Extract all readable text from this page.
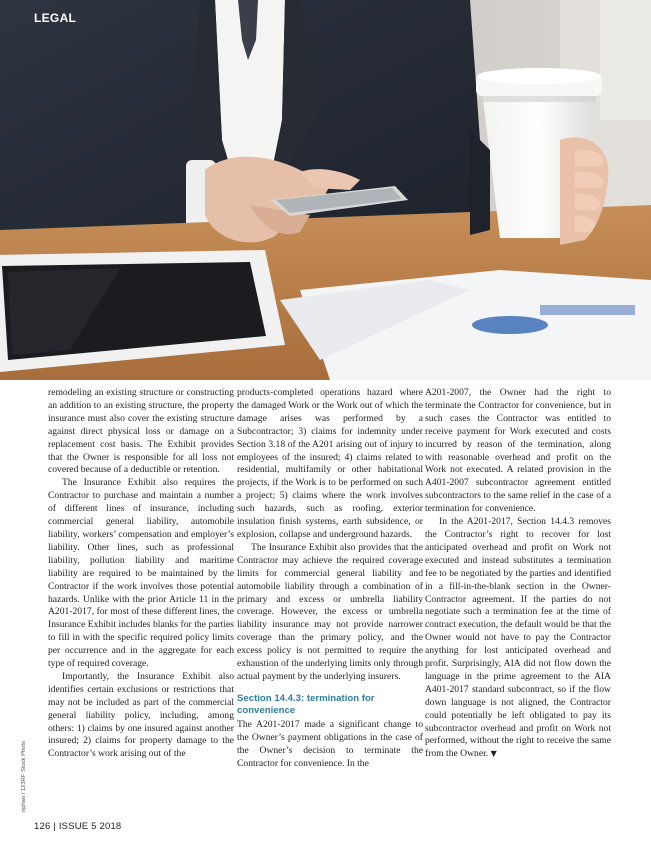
LEGAL

remodeling an existing structure or constructing an addition to an existing structure, the property insurance must also cover the existing structure against direct physical loss or damage on a replacement cost basis. The Exhibit provides that the Owner is responsible for all loss not covered because of a deductible or retention.

The Insurance Exhibit also requires the Contractor to purchase and maintain a number of different lines of insurance, including commercial general liability, automobile liability, workers’ compensation and employer’s liability. Other lines, such as professional liability, pollution liability and maritime liability are required to be maintained by the Contractor if the work involves those potential hazards. Unlike with the prior Article 11 in the A201-2017, for most of these different lines, the Insurance Exhibit includes blanks for the parties to fill in with the specific required policy limits per occurrence and in the aggregate for each type of required coverage.

Importantly, the Insurance Exhibit also identifies certain exclusions or restrictions that may not be included as part of the commercial general liability policy, including, among others: 1) claims by one insured against another insured; 2) claims for property damage to the Contractor’s work arising out of the

products-completed operations hazard where the damaged Work or the Work out of which the damage arises was performed by a Subcontractor; 3) claims for indemnity under Section 3.18 of the A201 arising out of injury to employees of the insured; 4) claims related to residential, multifamily or other habitational projects, if the Work is to be performed on such a project; 5) claims where the work involves such hazards, such as roofing, exterior insulation finish systems, earth subsidence, or explosion, collapse and underground hazards.

The Insurance Exhibit also provides that the Contractor may achieve the required coverage limits for commercial general liability and automobile liability through a combination of primary and excess or umbrella liability coverage. However, the excess or umbrella liability insurance may not provide narrower coverage than the primary policy, and the excess policy is not permitted to require the exhaustion of the underlying limits only through actual payment by the underlying insurers.

Section 14.4.3: termination for convenience

The A201-2017 made a significant change to the Owner’s payment obligations in the case of the Owner’s decision to terminate the Contractor for convenience. In the

A201-2007, the Owner had the right to terminate the Contractor for convenience, but in such cases the Contractor was entitled to receive payment for Work executed and costs incurred by reason of the termination, along with reasonable overhead and profit on the Work not executed. A related provision in the A401-2007 subcontractor agreement entitled subcontractors to the same relief in the case of a termination for convenience.

In the A201-2017, Section 14.4.3 removes the Contractor’s right to recover for lost anticipated overhead and profit on Work not executed and instead substitutes a termination fee to be negotiated by the parties and identified in a fill-in-the-blank section in the Owner-Contractor agreement. If the parties do not negotiate such a termination fee at the time of contract execution, the default would be that the Owner would not have to pay the Contractor anything for lost anticipated overhead and profit. Surprisingly, AIA did not flow down the language in the prime agreement to the AIA A401-2017 standard subcontract, so if the flow down language is not aligned, the Contractor could potentially be left obligated to pay its subcontractor overhead and profit on Work not performed, without the right to receive the same from the Owner. ▼

nphan / 123RF Stock Photo
126 | ISSUE 5 2018
